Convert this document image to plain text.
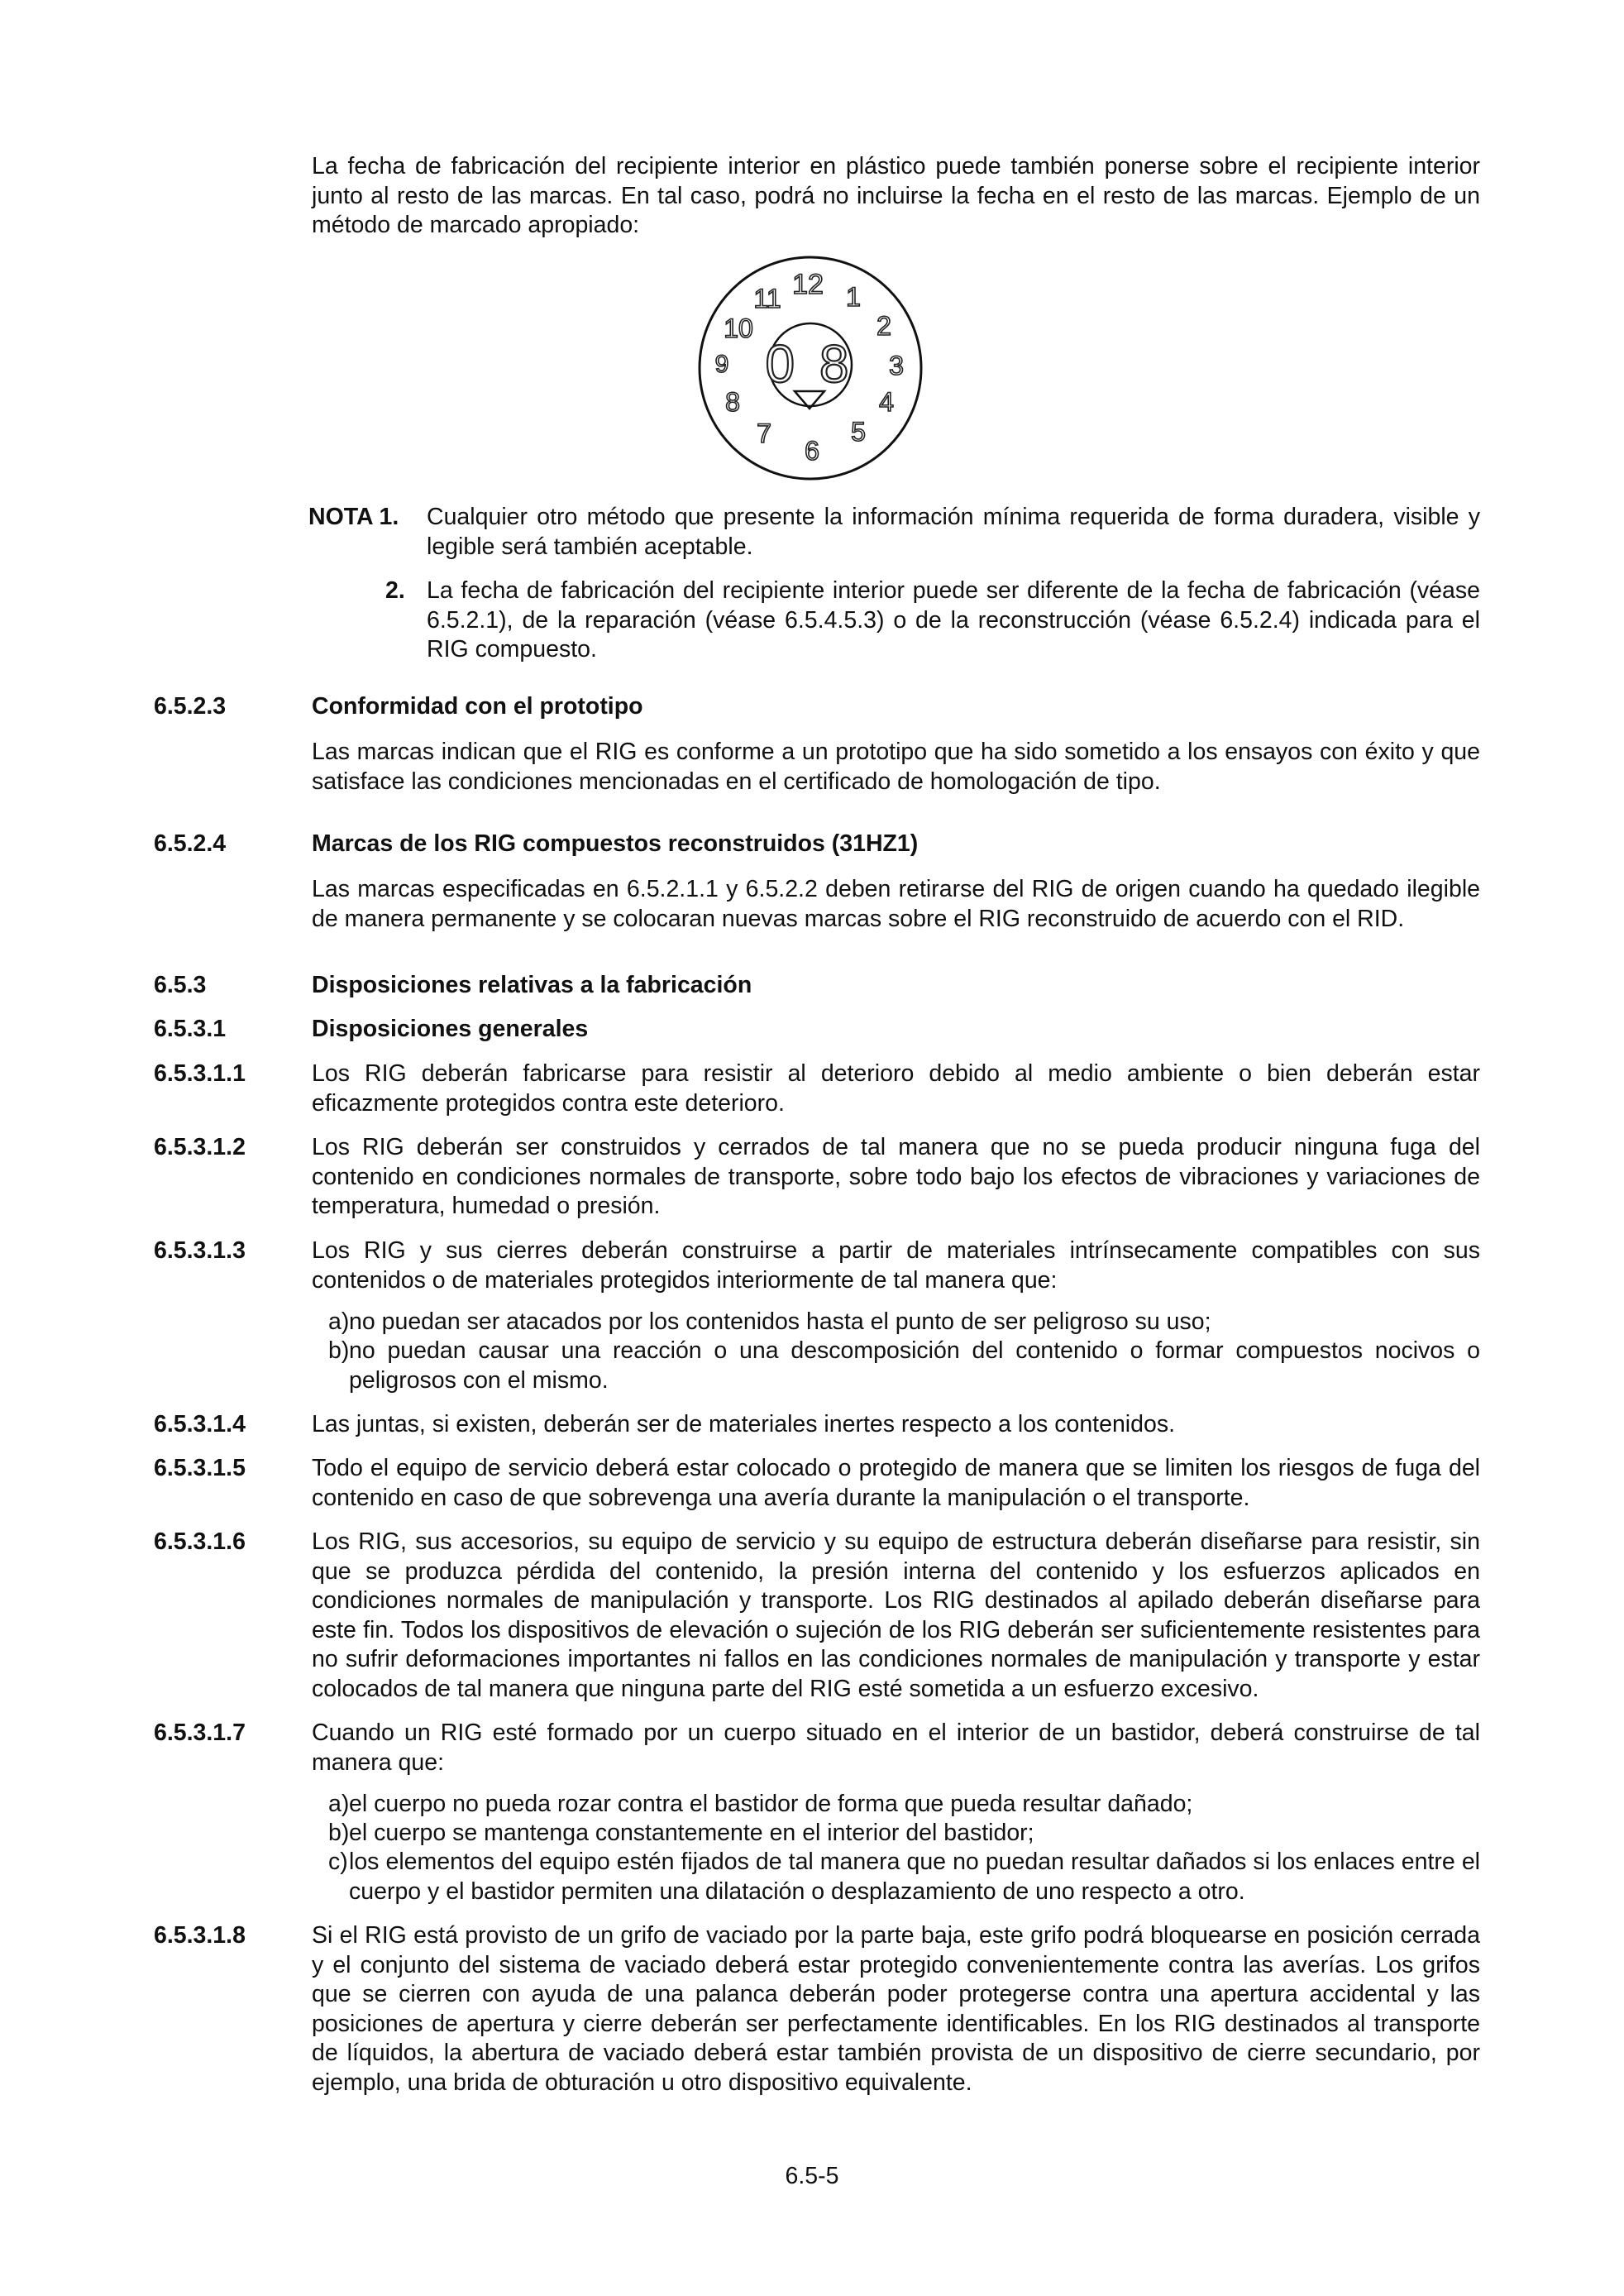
La fecha de fabricación del recipiente interior en plástico puede también ponerse sobre el recipiente interior junto al resto de las marcas. En tal caso, podrá no incluirse la fecha en el resto de las marcas. Ejemplo de un método de marcado apropiado:

12 1
2
3
4
5
6
7
8
9
10
11
0 8

NOTA 1. Cualquier otro método que presente la información mínima requerida de forma duradera, visible y legible será también aceptable.

2. La fecha de fabricación del recipiente interior puede ser diferente de la fecha de fabricación (véase 6.5.2.1), de la reparación (véase 6.5.4.5.3) o de la reconstrucción (véase 6.5.2.4) indicada para el RIG compuesto.

6.5.2.3	Conformidad con el prototipo

Las marcas indican que el RIG es conforme a un prototipo que ha sido sometido a los ensayos con éxito y que satisface las condiciones mencionadas en el certificado de homologación de tipo.

6.5.2.4	Marcas de los RIG compuestos reconstruidos (31HZ1)

Las marcas especificadas en 6.5.2.1.1 y 6.5.2.2 deben retirarse del RIG de origen cuando ha quedado ilegible de manera permanente y se colocaran nuevas marcas sobre el RIG reconstruido de acuerdo con el RID.

6.5.3	Disposiciones relativas a la fabricación

6.5.3.1	Disposiciones generales

6.5.3.1.1	Los RIG deberán fabricarse para resistir al deterioro debido al medio ambiente o bien deberán estar eficazmente protegidos contra este deterioro.

6.5.3.1.2	Los RIG deberán ser construidos y cerrados de tal manera que no se pueda producir ninguna fuga del contenido en condiciones normales de transporte, sobre todo bajo los efectos de vibraciones y variaciones de temperatura, humedad o presión.

6.5.3.1.3	Los RIG y sus cierres deberán construirse a partir de materiales intrínsecamente compatibles con sus contenidos o de materiales protegidos interiormente de tal manera que:

a) no puedan ser atacados por los contenidos hasta el punto de ser peligroso su uso;

b) no puedan causar una reacción o una descomposición del contenido o formar compuestos nocivos o peligrosos con el mismo.

6.5.3.1.4	Las juntas, si existen, deberán ser de materiales inertes respecto a los contenidos.

6.5.3.1.5	Todo el equipo de servicio deberá estar colocado o protegido de manera que se limiten los riesgos de fuga del contenido en caso de que sobrevenga una avería durante la manipulación o el transporte.

6.5.3.1.6	Los RIG, sus accesorios, su equipo de servicio y su equipo de estructura deberán diseñarse para resistir, sin que se produzca pérdida del contenido, la presión interna del contenido y los esfuerzos aplicados en condiciones normales de manipulación y transporte. Los RIG destinados al apilado deberán diseñarse para este fin. Todos los dispositivos de elevación o sujeción de los RIG deberán ser suficientemente resistentes para no sufrir deformaciones importantes ni fallos en las condiciones normales de manipulación y transporte y estar colocados de tal manera que ninguna parte del RIG esté sometida a un esfuerzo excesivo.

6.5.3.1.7	Cuando un RIG esté formado por un cuerpo situado en el interior de un bastidor, deberá construirse de tal manera que:

a) el cuerpo no pueda rozar contra el bastidor de forma que pueda resultar dañado;

b) el cuerpo se mantenga constantemente en el interior del bastidor;

c) los elementos del equipo estén fijados de tal manera que no puedan resultar dañados si los enlaces entre el cuerpo y el bastidor permiten una dilatación o desplazamiento de uno respecto a otro.

6.5.3.1.8	Si el RIG está provisto de un grifo de vaciado por la parte baja, este grifo podrá bloquearse en posición cerrada y el conjunto del sistema de vaciado deberá estar protegido convenientemente contra las averías. Los grifos que se cierren con ayuda de una palanca deberán poder protegerse contra una apertura accidental y las posiciones de apertura y cierre deberán ser perfectamente identificables. En los RIG destinados al transporte de líquidos, la abertura de vaciado deberá estar también provista de un dispositivo de cierre secundario, por ejemplo, una brida de obturación u otro dispositivo equivalente.

6.5-5
